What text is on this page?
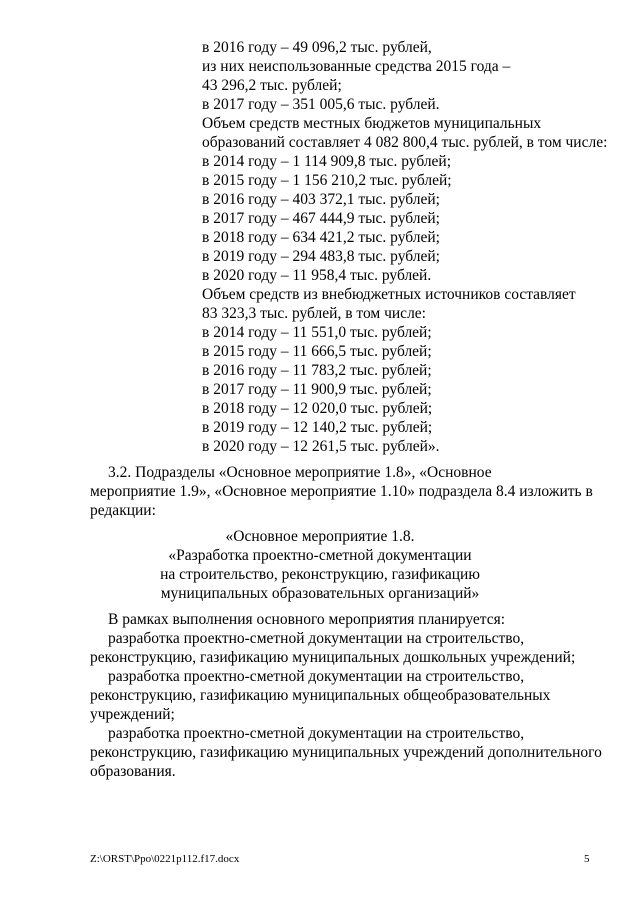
в 2016 году – 49 096,2 тыс. рублей,
из них неиспользованные средства 2015 года –
43 296,2 тыс. рублей;
в 2017 году – 351 005,6 тыс. рублей.
Объем средств местных бюджетов муниципальных
образований составляет 4 082 800,4 тыс. рублей, в том числе:
в 2014 году – 1 114 909,8 тыс. рублей;
в 2015 году – 1 156 210,2 тыс. рублей;
в 2016 году – 403 372,1 тыс. рублей;
в 2017 году – 467 444,9 тыс. рублей;
в 2018 году – 634 421,2 тыс. рублей;
в 2019 году – 294 483,8 тыс. рублей;
в 2020 году – 11 958,4 тыс. рублей.
Объем средств из внебюджетных источников составляет
83 323,3 тыс. рублей, в том числе:
в 2014 году – 11 551,0 тыс. рублей;
в 2015 году – 11 666,5 тыс. рублей;
в 2016 году – 11 783,2 тыс. рублей;
в 2017 году – 11 900,9 тыс. рублей;
в 2018 году – 12 020,0 тыс. рублей;
в 2019 году – 12 140,2 тыс. рублей;
в 2020 году – 12 261,5 тыс. рублей».
3.2. Подразделы «Основное мероприятие 1.8», «Основное
мероприятие 1.9», «Основное мероприятие 1.10» подраздела 8.4 изложить в
редакции:
«Основное мероприятие 1.8.
«Разработка проектно-сметной документации
на строительство, реконструкцию, газификацию
муниципальных образовательных организаций»
В рамках выполнения основного мероприятия планируется:
разработка проектно-сметной документации на строительство,
реконструкцию, газификацию муниципальных дошкольных учреждений;
разработка проектно-сметной документации на строительство,
реконструкцию, газификацию муниципальных общеобразовательных
учреждений;
разработка проектно-сметной документации на строительство,
реконструкцию, газификацию муниципальных учреждений дополнительного
образования.
Z:\ORST\Ppo\0221p112.f17.docx	5
